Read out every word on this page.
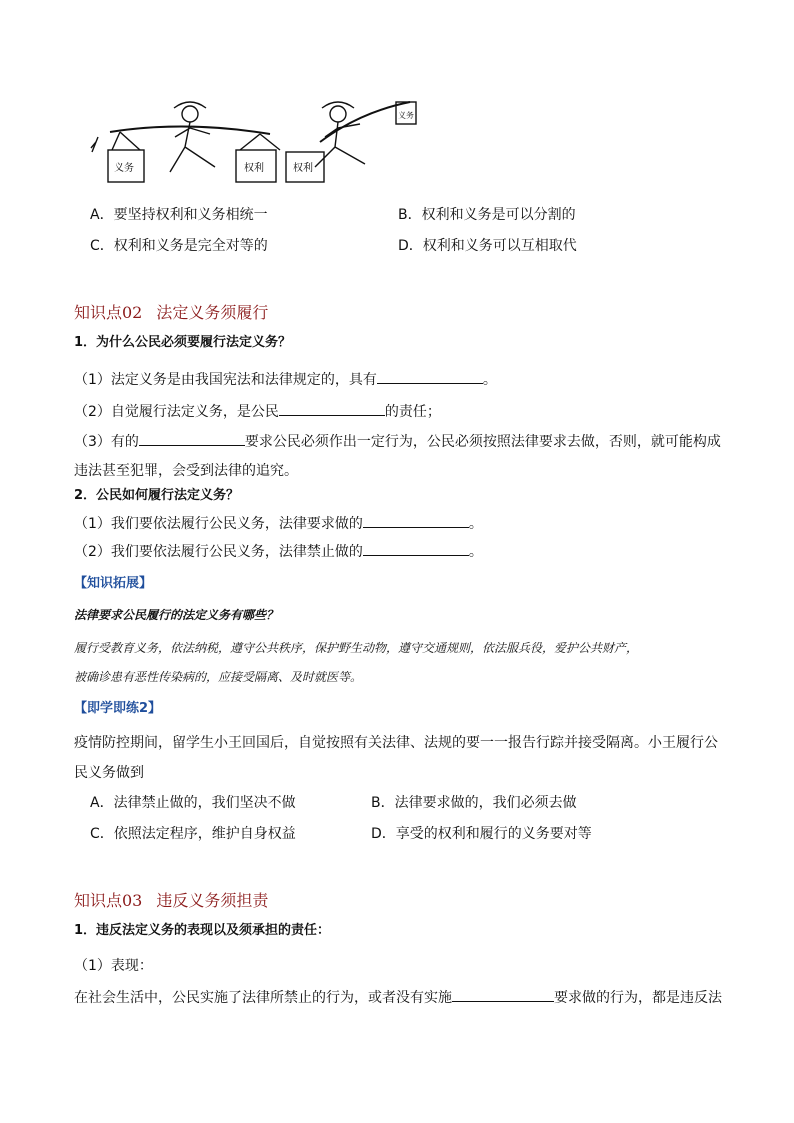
义务	权利	权利
义务
A．要坚持权利和义务相统一	B．权利和义务是可以分割的
C．权利和义务是完全对等的	D．权利和义务可以互相取代
知识点02 法定义务须履行
1．为什么公民必须要履行法定义务？
（1）法定义务是由我国宪法和法律规定的，具有	。
（2）自觉履行法定义务，是公民	的责任；
（3）有的	要求公民必须作出一定行为，公民必须按照法律要求去做，否则，就可能构成
违法甚至犯罪，会受到法律的追究。
2．公民如何履行法定义务？
（1）我们要依法履行公民义务，法律要求做的	。
（2）我们要依法履行公民义务，法律禁止做的	。
【知识拓展】
法律要求公民履行的法定义务有哪些？
履行受教育义务，依法纳税，遵守公共秩序，保护野生动物，遵守交通规则，依法服兵役，爱护公共财产，
被确诊患有恶性传染病的，应接受隔离、及时就医等。
【即学即练2】
疫情防控期间，留学生小王回国后，自觉按照有关法律、法规的要一一报告行踪并接受隔离。小王履行公
民义务做到
A．法律禁止做的，我们坚决不做	B．法律要求做的，我们必须去做
C．依照法定程序，维护自身权益	D．享受的权利和履行的义务要对等
知识点03 违反义务须担责
1．违反法定义务的表现以及须承担的责任：
（1）表现：
在社会生活中，公民实施了法律所禁止的行为，或者没有实施	要求做的行为，都是违反法
